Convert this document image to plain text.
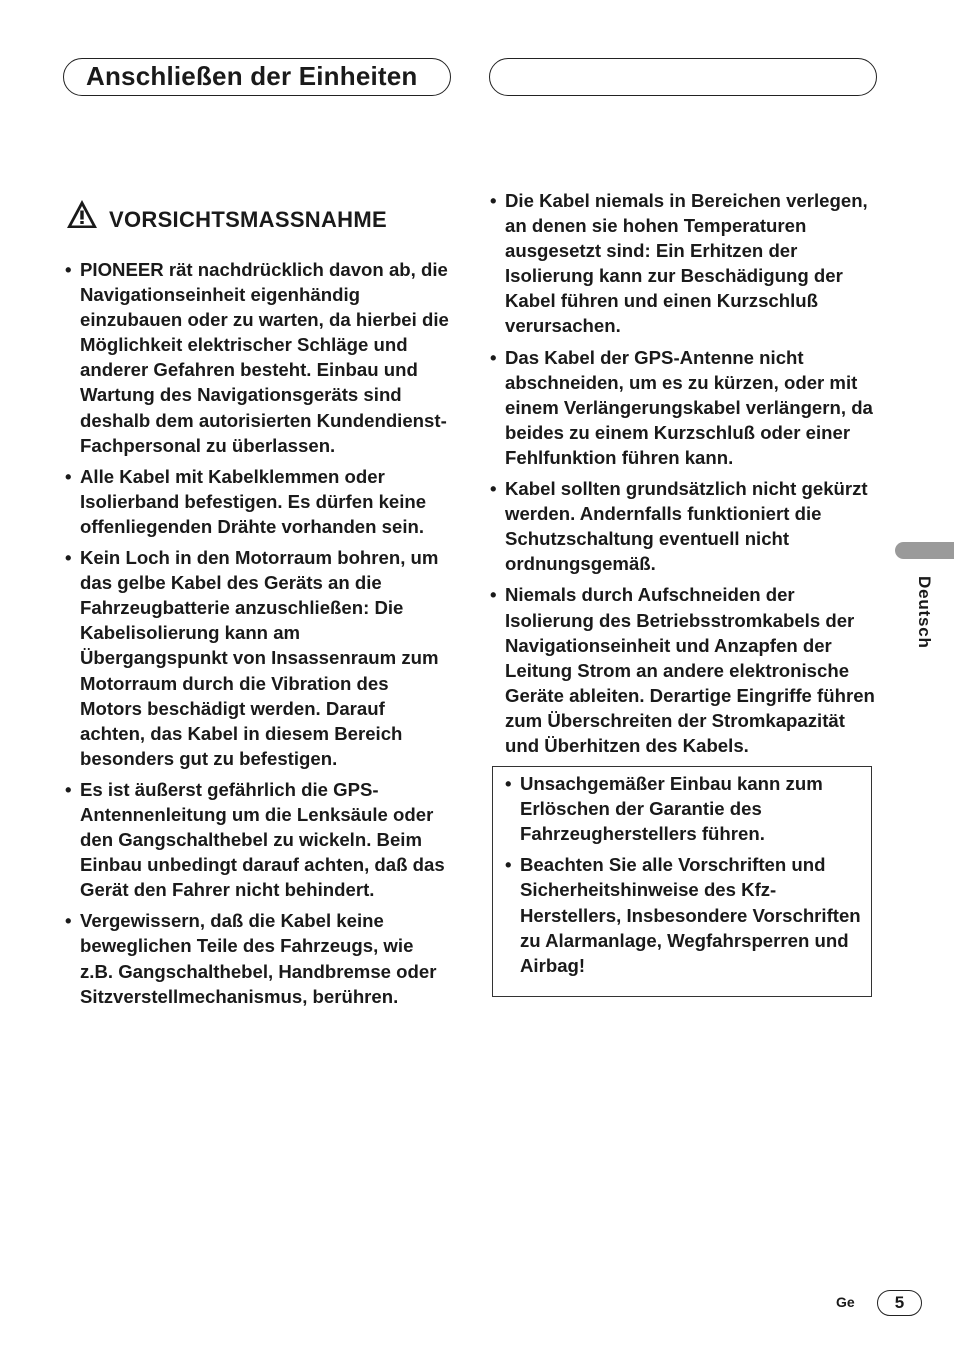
Anschließen der Einheiten
VORSICHTSMASSNAHME
• PIONEER rät nachdrücklich davon ab, die Navigationseinheit eigenhändig einzubauen oder zu warten, da hierbei die Möglichkeit elektrischer Schläge und anderer Gefahren besteht. Einbau und Wartung des Navigationsgeräts sind deshalb dem autorisierten Kundendienst-Fachpersonal zu überlassen.
• Alle Kabel mit Kabelklemmen oder Isolierband befestigen. Es dürfen keine offenliegenden Drähte vorhanden sein.
• Kein Loch in den Motorraum bohren, um das gelbe Kabel des Geräts an die Fahrzeugbatterie anzuschließen: Die Kabelisolierung kann am Übergangspunkt von Insassenraum zum Motorraum durch die Vibration des Motors beschädigt werden. Darauf achten, das Kabel in diesem Bereich besonders gut zu befestigen.
• Es ist äußerst gefährlich die GPS-Antennenleitung um die Lenksäule oder den Gangschalthebel zu wickeln. Beim Einbau unbedingt darauf achten, daß das Gerät den Fahrer nicht behindert.
• Vergewissern, daß die Kabel keine beweglichen Teile des Fahrzeugs, wie z.B. Gangschalthebel, Handbremse oder Sitzverstellmechanismus, berühren.
• Die Kabel niemals in Bereichen verlegen, an denen sie hohen Temperaturen ausgesetzt sind: Ein Erhitzen der Isolierung kann zur Beschädigung der Kabel führen und einen Kurzschluß verursachen.
• Das Kabel der GPS-Antenne nicht abschneiden, um es zu kürzen, oder mit einem Verlängerungskabel verlängern, da beides zu einem Kurzschluß oder einer Fehlfunktion führen kann.
• Kabel sollten grundsätzlich nicht gekürzt werden. Andernfalls funktioniert die Schutzschaltung eventuell nicht ordnungsgemäß.
• Niemals durch Aufschneiden der Isolierung des Betriebsstromkabels der Navigationseinheit und Anzapfen der Leitung Strom an andere elektronische Geräte ableiten. Derartige Eingriffe führen zum Überschreiten der Stromkapazität und Überhitzen des Kabels.
• Unsachgemäßer Einbau kann zum Erlöschen der Garantie des Fahrzeugherstellers führen.
• Beachten Sie alle Vorschriften und Sicherheitshinweise des Kfz-Herstellers, Insbesondere Vorschriften zu Alarmanlage, Wegfahrsperren und Airbag!
Deutsch
Ge	5
